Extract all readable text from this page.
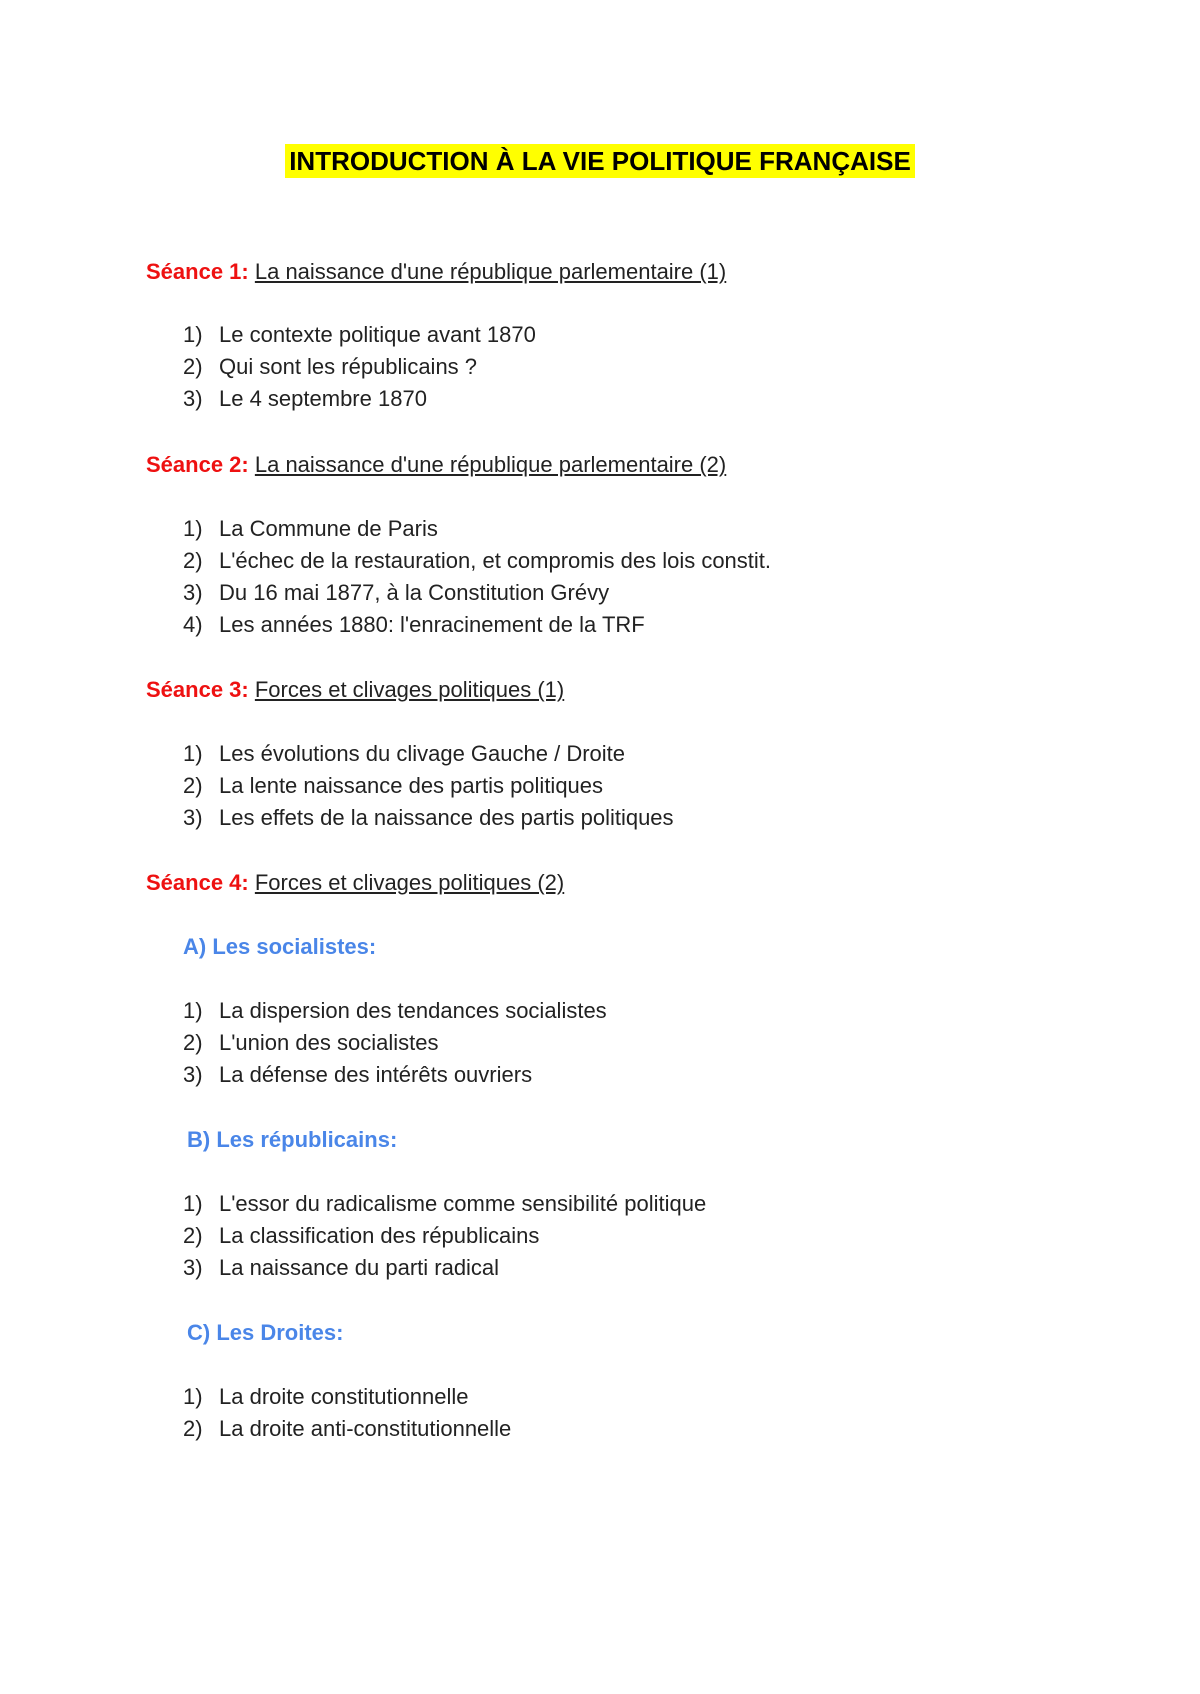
INTRODUCTION À LA VIE POLITIQUE FRANÇAISE
Séance 1: La naissance d'une république parlementaire (1)
1) Le contexte politique avant 1870
2) Qui sont les républicains ?
3) Le 4 septembre 1870
Séance 2: La naissance d'une république parlementaire (2)
1) La Commune de Paris
2) L'échec de la restauration, et compromis des lois constit.
3) Du 16 mai 1877, à la Constitution Grévy
4) Les années 1880: l'enracinement de la TRF
Séance 3: Forces et clivages politiques (1)
1) Les évolutions du clivage Gauche / Droite
2) La lente naissance des partis politiques
3) Les effets de la naissance des partis politiques
Séance 4: Forces et clivages politiques (2)
A) Les socialistes:
1) La dispersion des tendances socialistes
2) L'union des socialistes
3) La défense des intérêts ouvriers
B) Les républicains:
1) L'essor du radicalisme comme sensibilité politique
2) La classification des républicains
3) La naissance du parti radical
C) Les Droites:
1) La droite constitutionnelle
2) La droite anti-constitutionnelle
